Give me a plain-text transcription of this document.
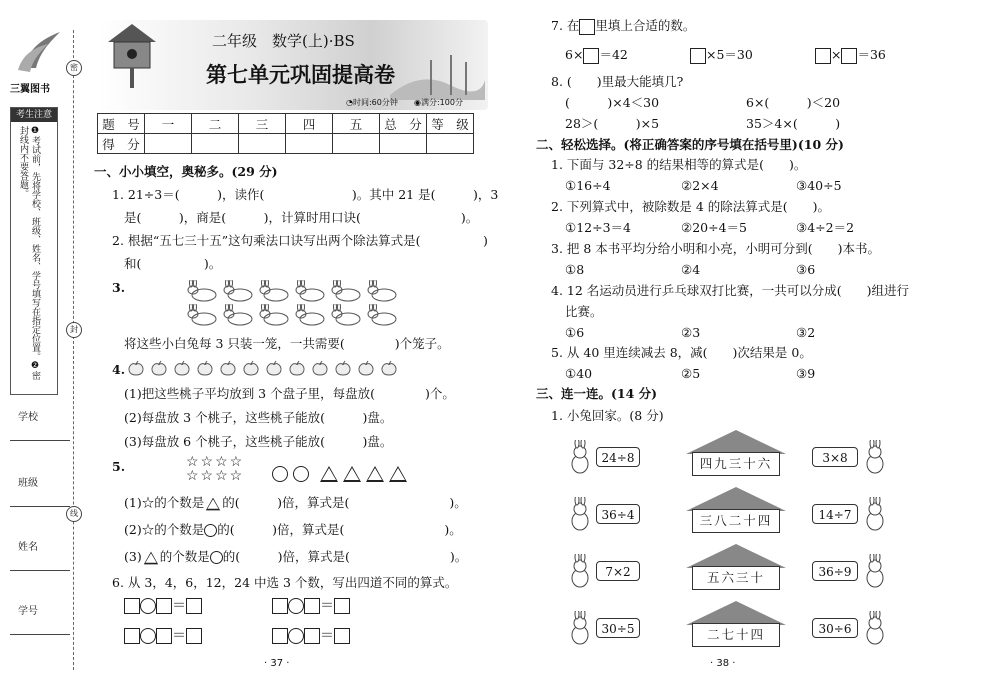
三翼图书
密
封
线
考生注意
❶考试前，先将学校、班级、姓名、学号填写在指定位置。❷密封线内不要答题。
学校
班级
姓名
学号
二年级　数学(上)·BS
第七单元巩固提高卷
◔时间:60分钟 ◉满分:100分
题　号	一	二	三	四	五	总　分	等　级
得　分							
一、小小填空，奥秘多。(29 分)
1. 21÷3＝(　　　)，读作(　　　　　　　)。其中 21 是(　　　)，3
是(　　　)，商是(　　　)，计算时用口诀(　　　　　　　　)。
2. 根据“五七三十五”这句乘法口诀写出两个除法算式是(　　　　　)
和(　　　　　)。
3.
将这些小白兔每 3 只装一笼，一共需要(　　　　)个笼子。
4.
(1)把这些桃子平均放到 3 个盘子里，每盘放(　　　　)个。
(2)每盘放 3 个桃子，这些桃子能放(　　　)盘。
(3)每盘放 6 个桃子，这些桃子能放(　　　)盘。
5.	☆☆☆☆
☆☆☆☆

(1)☆的个数是 的(　　　)倍，算式是(　　　　　　　　)。
(2)☆的个数是 的(　　　)倍，算式是(　　　　　　　　)。
(3) 的个数是 的(　　　)倍，算式是(　　　　　　　　)。
6. 从 3，4，6，12，24 中选 3 个数，写出四道不同的算式。
＝	＝
＝	＝
· 37 ·
7. 在 里填上合适的数。
6× ＝42	×5＝30	× ＝36
8. (　　)里最大能填几?
(　　　)×4＜30	6×(　　　)＜20
28＞(　　　)×5	35＞4×(　　　)
二、轻松选择。(将正确答案的序号填在括号里)(10 分)
1. 下面与 32÷8 的结果相等的算式是(　　)。
①16÷4	②2×4	③40÷5
2. 下列算式中，被除数是 4 的除法算式是(　　)。
①12÷3＝4	②20÷4＝5	③4÷2＝2
3. 把 8 本书平均分给小明和小亮，小明可分到(　　)本书。
①8	②4	③6
4. 12 名运动员进行乒乓球双打比赛，一共可以分成(　　)组进行
比赛。
①6	②3	③2
5. 从 40 里连续减去 8，减(　　)次结果是 0。
①40	②5	③9
三、连一连。(14 分)
1. 小兔回家。(8 分)
24÷8	四九三十六	3×8
36÷4	三八二十四	14÷7
7×2	五六三十	36÷9
30÷5	二七十四	30÷6
· 38 ·
